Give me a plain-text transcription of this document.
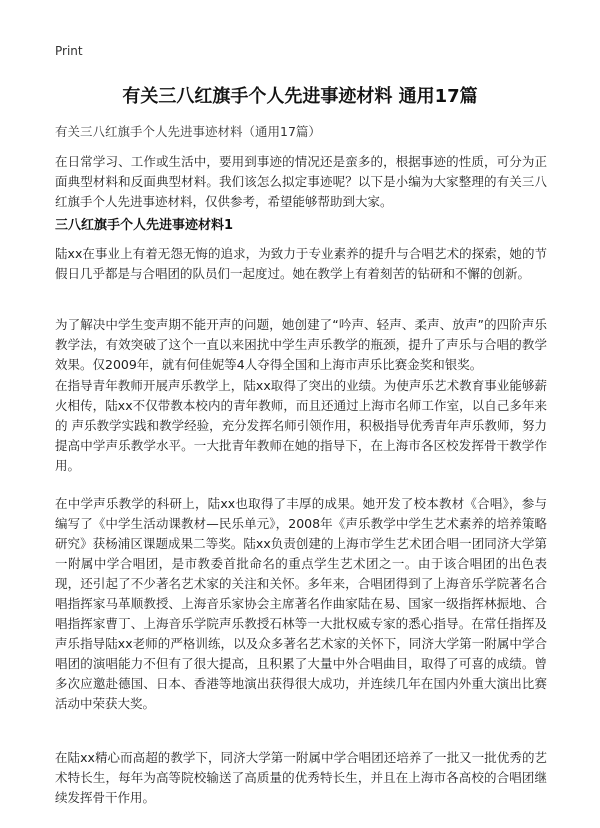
Print
有关三八红旗手个人先进事迹材料 通用17篇
有关三八红旗手个人先进事迹材料（通用17篇）

在日常学习、工作或生活中，要用到事迹的情况还是蛮多的，根据事迹的性质，可分为正面典型材料和反面典型材料。我们该怎么拟定事迹呢？以下是小编为大家整理的有关三八红旗手个人先进事迹材料，仅供参考，希望能够帮助到大家。

三八红旗手个人先进事迹材料1

陆xx在事业上有着无怨无悔的追求，为致力于专业素养的提升与合唱艺术的探索，她的节假日几乎都是与合唱团的队员们一起度过。她在教学上有着刻苦的钻研和不懈的创新。

为了解决中学生变声期不能开声的问题，她创建了“吟声、轻声、柔声、放声”的四阶声乐教学法，有效突破了这个一直以来困扰中学生声乐教学的瓶颈，提升了声乐与合唱的教学效果。仅2009年，就有何佳妮等4人夺得全国和上海市声乐比赛金奖和银奖。

在指导青年教师开展声乐教学上，陆xx取得了突出的业绩。为使声乐艺术教育事业能够薪火相传，陆xx不仅带教本校内的青年教师，而且还通过上海市名师工作室，以自己多年来的 声乐教学实践和教学经验，充分发挥名师引领作用，积极指导优秀青年声乐教师，努力提高中学声乐教学水平。一大批青年教师在她的指导下，在上海市各区校发挥骨干教学作用。

在中学声乐教学的科研上，陆xx也取得了丰厚的成果。她开发了校本教材《合唱》，参与编写了《中学生活动课教材—民乐单元》，2008年《声乐教学中学生艺术素养的培养策略研究》获杨浦区课题成果二等奖。陆xx负责创建的上海市学生艺术团合唱一团同济大学第一附属中学合唱团，是市教委首批命名的重点学生艺术团之一。由于该合唱团的出色表现，还引起了不少著名艺术家的关注和关怀。多年来，合唱团得到了上海音乐学院著名合唱指挥家马革顺教授、上海音乐家协会主席著名作曲家陆在易、国家一级指挥林振地、合唱指挥家曹丁、上海音乐学院声乐教授石林等一大批权威专家的悉心指导。在常任指挥及声乐指导陆xx老师的严格训练，以及众多著名艺术家的关怀下，同济大学第一附属中学合唱团的演唱能力不但有了很大提高，且积累了大量中外合唱曲目，取得了可喜的成绩。曾多次应邀赴德国、日本、香港等地演出获得很大成功，并连续几年在国内外重大演出比赛活动中荣获大奖。

在陆xx精心而高超的教学下，同济大学第一附属中学合唱团还培养了一批又一批优秀的艺术特长生，每年为高等院校输送了高质量的优秀特长生，并且在上海市各高校的合唱团继续发挥骨干作用。
